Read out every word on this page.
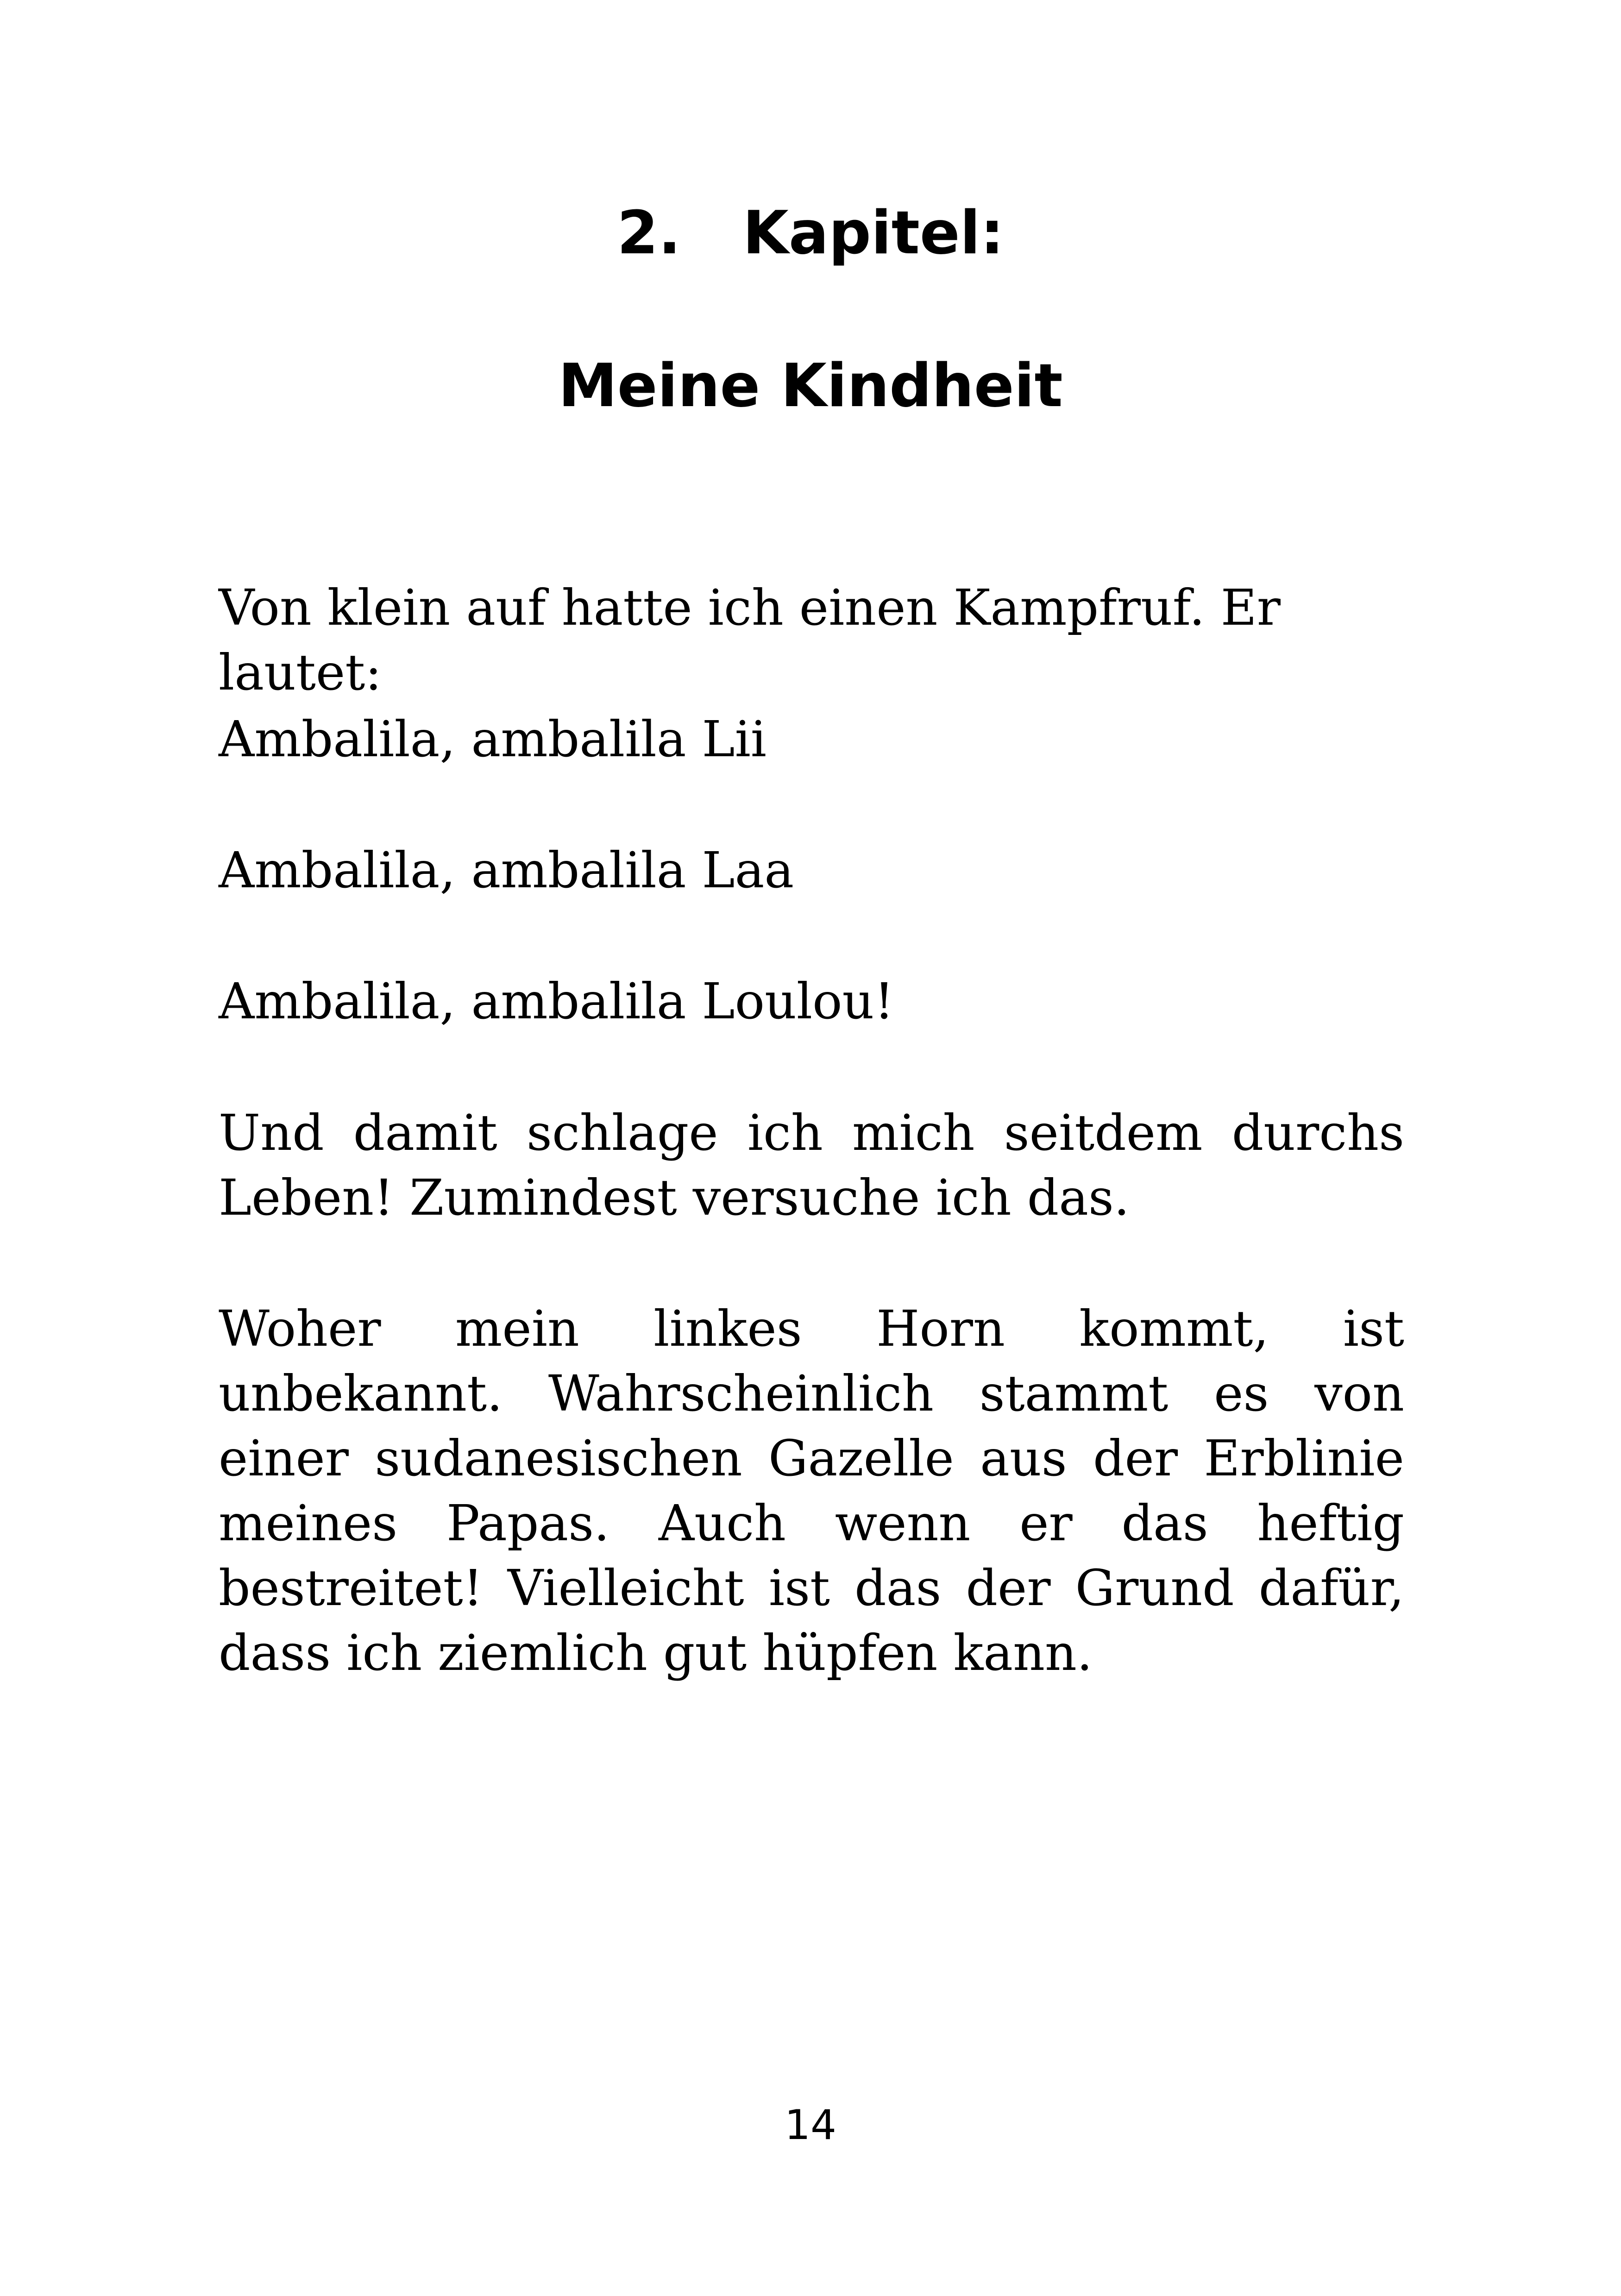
2.   Kapitel:
Meine Kindheit

Von klein auf hatte ich einen Kampfruf. Er lautet:

Ambalila, ambalila Lii

Ambalila, ambalila Laa

Ambalila, ambalila Loulou!

Und damit schlage ich mich seitdem durchs Leben! Zumindest versuche ich das.

Woher mein linkes Horn kommt, ist unbekannt. Wahrscheinlich stammt es von einer sudanesischen Gazelle aus der Erblinie meines Papas. Auch wenn er das heftig bestreitet! Vielleicht ist das der Grund dafür, dass ich ziemlich gut hüpfen kann.

14
